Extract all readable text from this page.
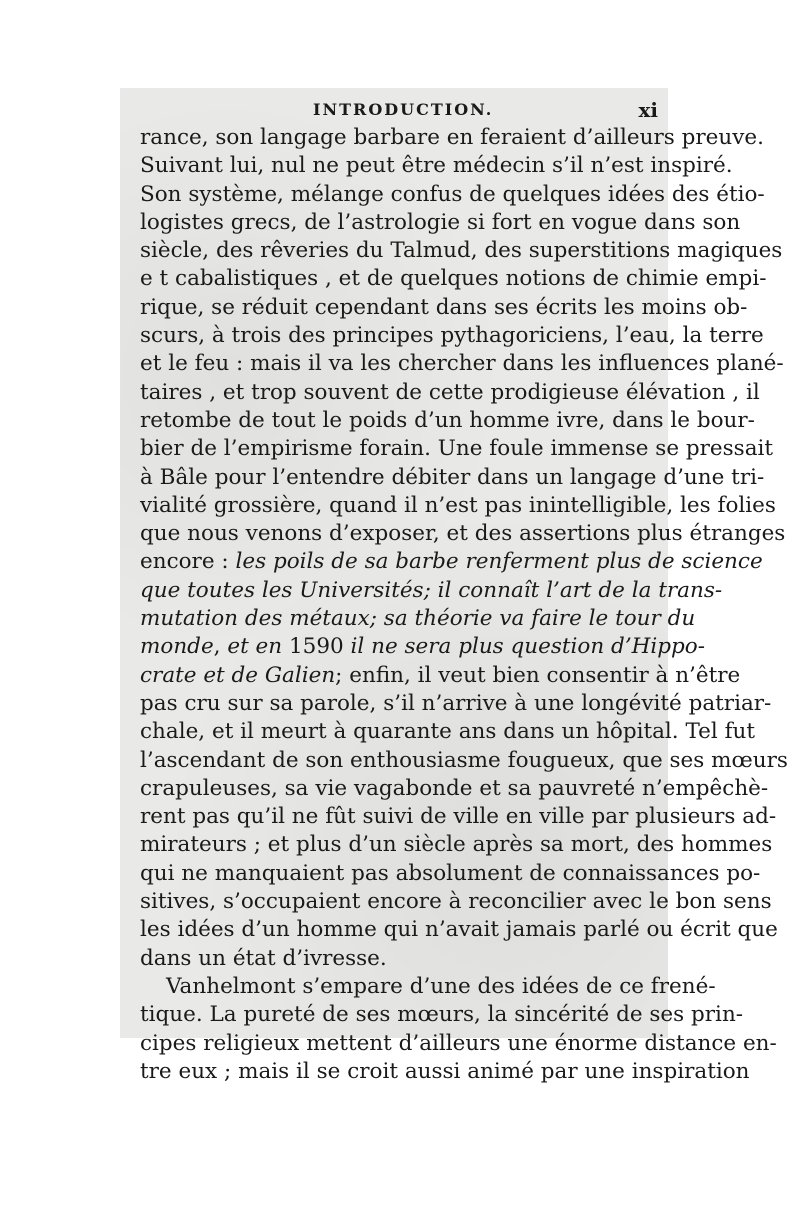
INTRODUCTION.	xi
rance, son langage barbare en feraient d’ailleurs preuve.
Suivant lui, nul ne peut être médecin s’il n’est inspiré.
Son système, mélange confus de quelques idées des étio-
logistes grecs, de l’astrologie si fort en vogue dans son
siècle, des rêveries du Talmud, des superstitions magiques
e t cabalistiques , et de quelques notions de chimie empi-
rique, se réduit cependant dans ses écrits les moins ob-
scurs, à trois des principes pythagoriciens, l’eau, la terre
et le feu : mais il va les chercher dans les influences plané-
taires , et trop souvent de cette prodigieuse élévation , il
retombe de tout le poids d’un homme ivre, dans le bour-
bier de l’empirisme forain. Une foule immense se pressait
à Bâle pour l’entendre débiter dans un langage d’une tri-
vialité grossière, quand il n’est pas inintelligible, les folies
que nous venons d’exposer, et des assertions plus étranges
encore : les poils de sa barbe renferment plus de science
que toutes les Universités; il connaît l’art de la trans-
mutation des métaux; sa théorie va faire le tour du
monde, et en 1590 il ne sera plus question d’Hippo-
crate et de Galien; enfin, il veut bien consentir à n’être
pas cru sur sa parole, s’il n’arrive à une longévité patriar-
chale, et il meurt à quarante ans dans un hôpital. Tel fut
l’ascendant de son enthousiasme fougueux, que ses mœurs
crapuleuses, sa vie vagabonde et sa pauvreté n’empêchè-
rent pas qu’il ne fût suivi de ville en ville par plusieurs ad-
mirateurs ; et plus d’un siècle après sa mort, des hommes
qui ne manquaient pas absolument de connaissances po-
sitives, s’occupaient encore à reconcilier avec le bon sens
les idées d’un homme qui n’avait jamais parlé ou écrit que
dans un état d’ivresse.
Vanhelmont s’empare d’une des idées de ce frené-
tique. La pureté de ses mœurs, la sincérité de ses prin-
cipes religieux mettent d’ailleurs une énorme distance en-
tre eux ; mais il se croit aussi animé par une inspiration
